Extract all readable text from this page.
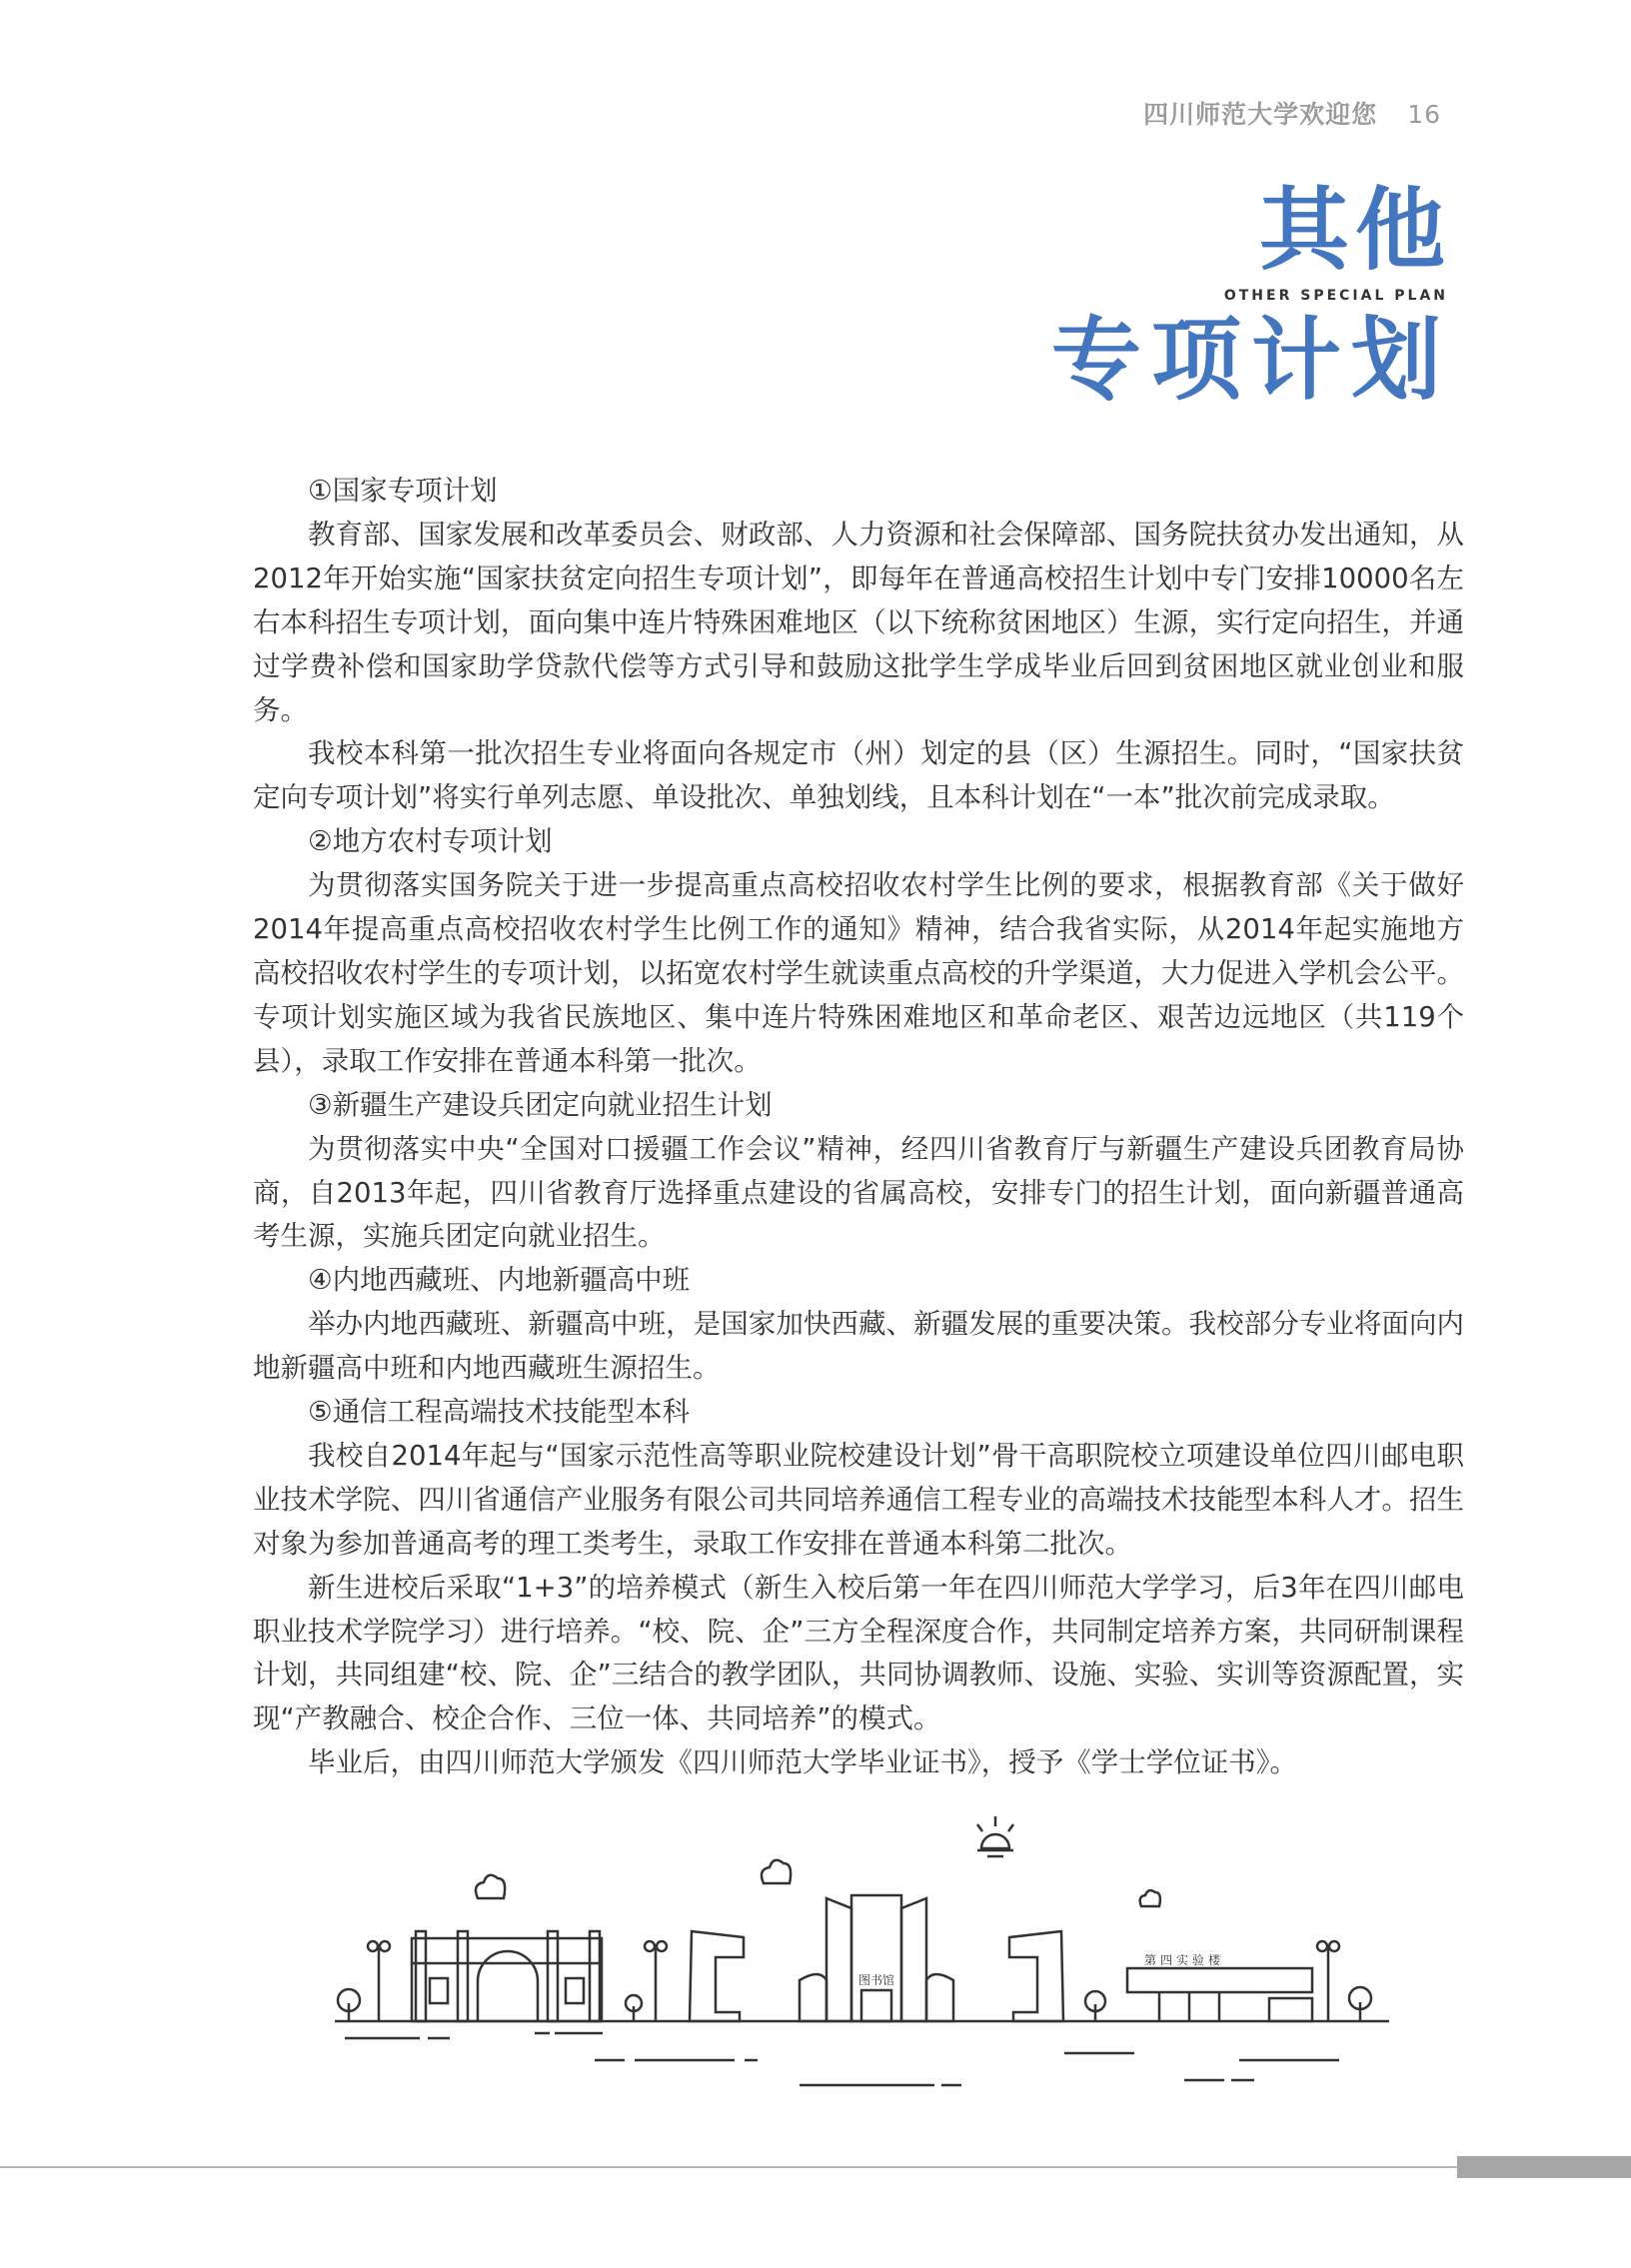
四川师范大学欢迎您 16
其他
OTHER SPECIAL PLAN
专项计划

①国家专项计划

教育部、国家发展和改革委员会、财政部、人力资源和社会保障部、国务院扶贫办发出通知，从2012年开始实施“国家扶贫定向招生专项计划”，即每年在普通高校招生计划中专门安排10000名左右本科招生专项计划，面向集中连片特殊困难地区（以下统称贫困地区）生源，实行定向招生，并通过学费补偿和国家助学贷款代偿等方式引导和鼓励这批学生学成毕业后回到贫困地区就业创业和服务。

我校本科第一批次招生专业将面向各规定市（州）划定的县（区）生源招生。同时，“国家扶贫定向专项计划”将实行单列志愿、单设批次、单独划线，且本科计划在“一本”批次前完成录取。

②地方农村专项计划

为贯彻落实国务院关于进一步提高重点高校招收农村学生比例的要求，根据教育部《关于做好2014年提高重点高校招收农村学生比例工作的通知》精神，结合我省实际，从2014年起实施地方高校招收农村学生的专项计划，以拓宽农村学生就读重点高校的升学渠道，大力促进入学机会公平。专项计划实施区域为我省民族地区、集中连片特殊困难地区和革命老区、艰苦边远地区（共119个县），录取工作安排在普通本科第一批次。

③新疆生产建设兵团定向就业招生计划

为贯彻落实中央“全国对口援疆工作会议”精神，经四川省教育厅与新疆生产建设兵团教育局协商，自2013年起，四川省教育厅选择重点建设的省属高校，安排专门的招生计划，面向新疆普通高考生源，实施兵团定向就业招生。

④内地西藏班、内地新疆高中班

举办内地西藏班、新疆高中班，是国家加快西藏、新疆发展的重要决策。我校部分专业将面向内地新疆高中班和内地西藏班生源招生。

⑤通信工程高端技术技能型本科

我校自2014年起与“国家示范性高等职业院校建设计划”骨干高职院校立项建设单位四川邮电职业技术学院、四川省通信产业服务有限公司共同培养通信工程专业的高端技术技能型本科人才。招生对象为参加普通高考的理工类考生，录取工作安排在普通本科第二批次。

新生进校后采取“1+3”的培养模式（新生入校后第一年在四川师范大学学习，后3年在四川邮电职业技术学院学习）进行培养。“校、院、企”三方全程深度合作，共同制定培养方案，共同研制课程计划，共同组建“校、院、企”三结合的教学团队，共同协调教师、设施、实验、实训等资源配置，实现“产教融合、校企合作、三位一体、共同培养”的模式。

毕业后，由四川师范大学颁发《四川师范大学毕业证书》，授予《学士学位证书》。

图书馆
第四实验楼
